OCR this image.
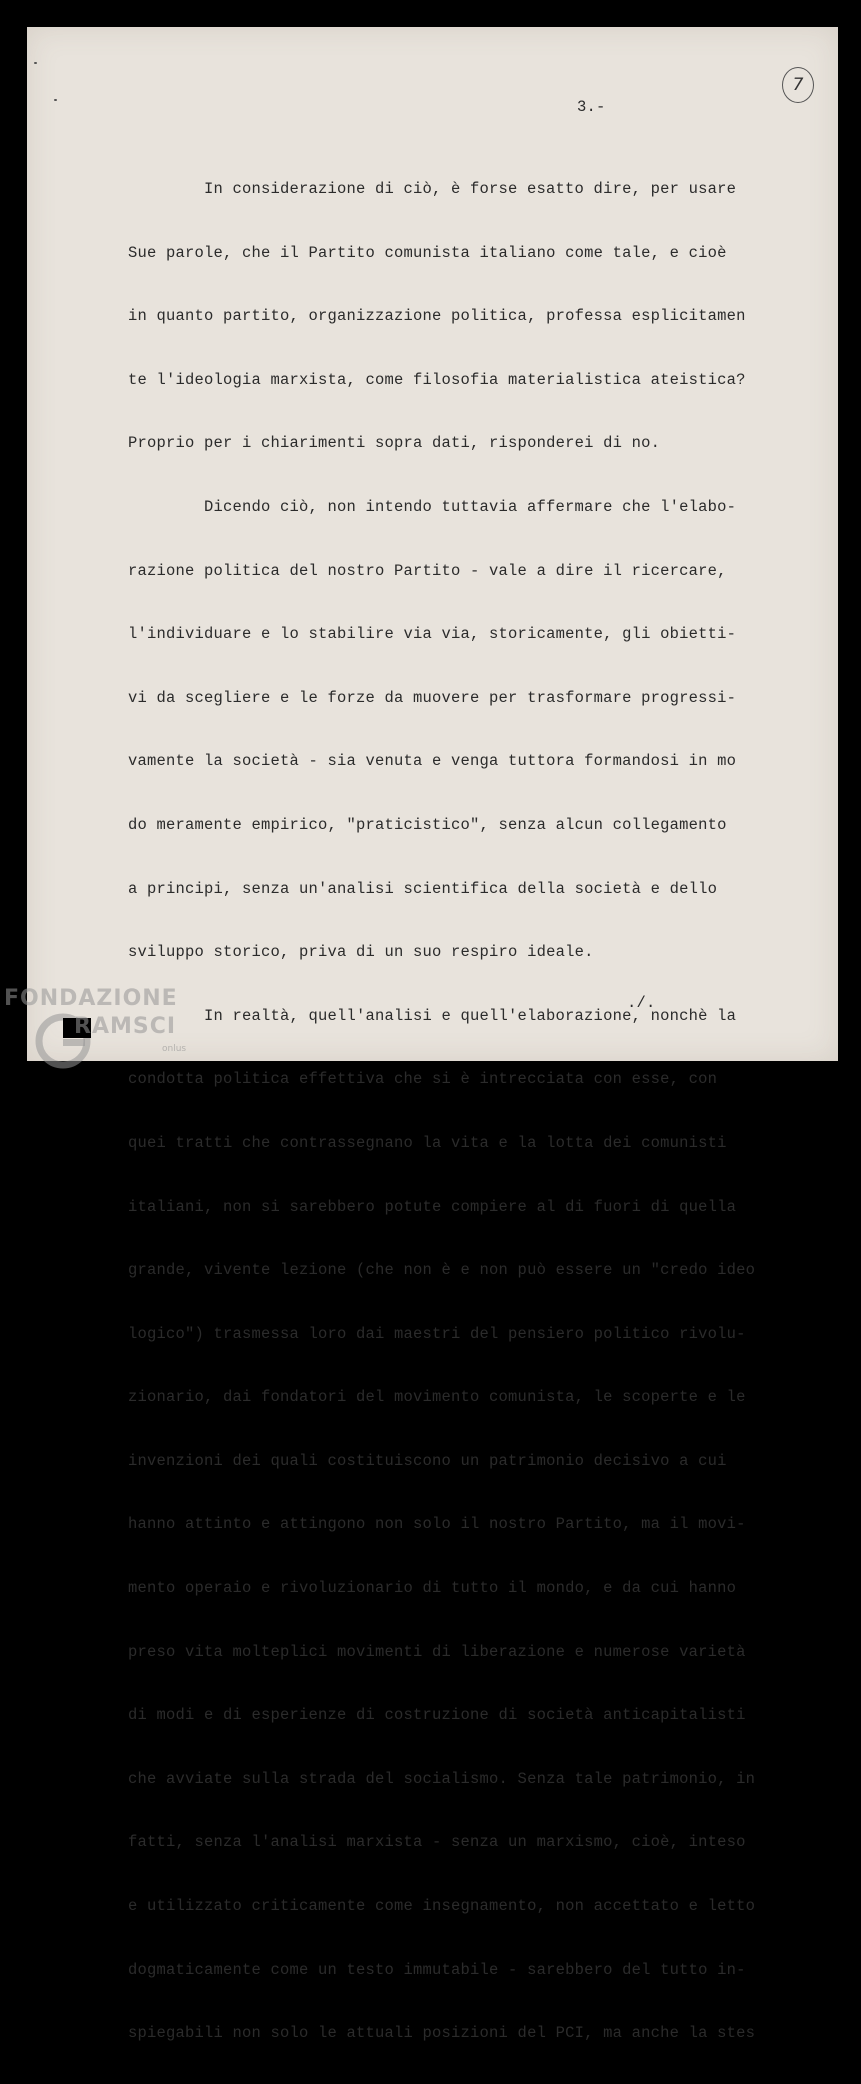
7
3.-

In considerazione di ciò, è forse esatto dire, per usare

Sue parole, che il Partito comunista italiano come tale, e cioè

in quanto partito, organizzazione politica, professa esplicitamen

te l'ideologia marxista, come filosofia materialistica ateistica?

Proprio per i chiarimenti sopra dati, risponderei di no.

Dicendo ciò, non intendo tuttavia affermare che l'elabo-

razione politica del nostro Partito - vale a dire il ricercare,

l'individuare e lo stabilire via via, storicamente, gli obietti-

vi da scegliere e le forze da muovere per trasformare progressi-

vamente la società - sia venuta e venga tuttora formandosi in mo

do meramente empirico, "praticistico", senza alcun collegamento

a principi, senza un'analisi scientifica della società e dello

sviluppo storico, priva di un suo respiro ideale.

In realtà, quell'analisi e quell'elaborazione, nonchè la

condotta politica effettiva che si è intrecciata con esse, con

quei tratti che contrassegnano la vita e la lotta dei comunisti

italiani, non si sarebbero potute compiere al di fuori di quella

grande, vivente lezione (che non è e non può essere un "credo ideo

logico") trasmessa loro dai maestri del pensiero politico rivolu-

zionario, dai fondatori del movimento comunista, le scoperte e le

invenzioni dei quali costituiscono un patrimonio decisivo a cui

hanno attinto e attingono non solo il nostro Partito, ma il movi-

mento operaio e rivoluzionario di tutto il mondo, e da cui hanno

preso vita molteplici movimenti di liberazione e numerose varietà

di modi e di esperienze di costruzione di società anticapitalisti

che avviate sulla strada del socialismo. Senza tale patrimonio, in

fatti, senza l'analisi marxista - senza un marxismo, cioè, inteso

e utilizzato criticamente come insegnamento, non accettato e letto

dogmaticamente come un testo immutabile - sarebbero del tutto in-

spiegabili non solo le attuali posizioni del PCI, ma anche la stes

./.
FONDAZIONE
RAMSCI
onlus
